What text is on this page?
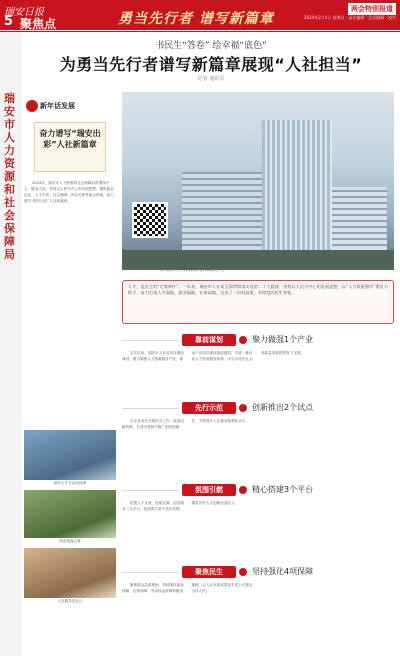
瑞安日报
5 聚焦点	勇当先行者 谱写新篇章
两会特别报道
2024年2月4日 星期日 · 责任编辑 · 美术编辑 · 校对
瑞安市人力资源和社会保障局
书民生“答卷” 绘幸福“底色”
为勇当先行者谱写新篇章展现“人社担当”
记者 通讯员
新年话发展
奋力谱写“瑞安出彩”人社新篇章
2024年，瑞安市人力资源和社会保障局将围绕中心、服务大局，坚持以人民为中心的发展思想，聚焦就业创业、人才引育、社会保障、劳动关系等重点领域，奋力谱写“瑞安出彩”人社新篇章。
瑞安人才日活动现场
职业技能大赛
人社服务进社区
图为瑞安市人力资源和社会保障服务中心
人才，是民生的“定海神针”。一年来，瑞安市人社局全面贯彻落实党的二十大精神，坚持以人民为中心的发展思想，以“人力资源强市”建设为抓手，奋力打造人才高地、就业福地、社保高地，交出了一份有温度、有厚度的民生答卷。
靠前谋划	聚力做强1个产业
去年以来，瑞安市人社局坚持靠前谋划，聚力做强人力资源服务产业，推动产业园区建设提质增效，引进一批优质人力资源服务机构，为全市经济社会高质量发展提供有力支撑。
先行示范	创新推出2个试点
在全省率先开展试点工作，探索创新机制，打造可复制可推广的经验做法，不断提升人社服务便利化水平。
氛围引燃	精心搭建3个平台
搭建人才交流、技能竞赛、创业服务三大平台，营造尊才爱才良好氛围，激发各类人才创新创造活力。
聚焦民生	坚持强化4项保障
聚焦群众急难愁盼，持续强化就业保障、社保保障、劳动权益保障和服务保障，让人社发展成果更多更公平惠及全体人民。
